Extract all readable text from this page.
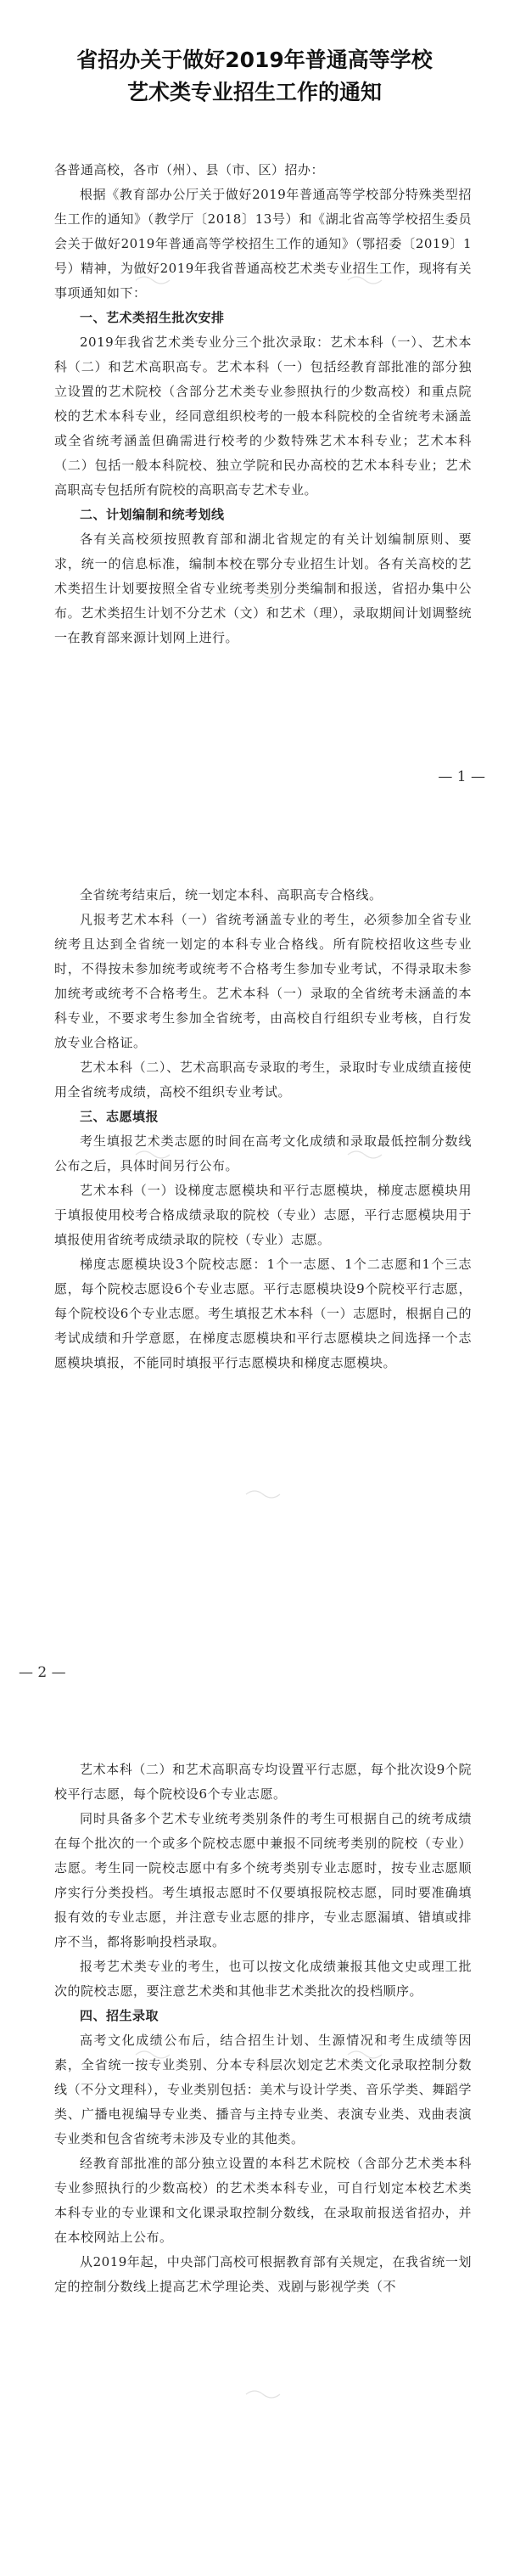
省招办关于做好2019年普通高等学校
艺术类专业招生工作的通知

各普通高校，各市（州）、县（市、区）招办：

根据《教育部办公厅关于做好2019年普通高等学校部分特殊类型招生工作的通知》（教学厅〔2018〕13号）和《湖北省高等学校招生委员会关于做好2019年普通高等学校招生工作的通知》（鄂招委〔2019〕1号）精神，为做好2019年我省普通高校艺术类专业招生工作，现将有关事项通知如下：

一、艺术类招生批次安排

2019年我省艺术类专业分三个批次录取：艺术本科（一）、艺术本科（二）和艺术高职高专。艺术本科（一）包括经教育部批准的部分独立设置的艺术院校（含部分艺术类专业参照执行的少数高校）和重点院校的艺术本科专业，经同意组织校考的一般本科院校的全省统考未涵盖或全省统考涵盖但确需进行校考的少数特殊艺术本科专业；艺术本科（二）包括一般本科院校、独立学院和民办高校的艺术本科专业；艺术高职高专包括所有院校的高职高专艺术专业。

二、计划编制和统考划线

各有关高校须按照教育部和湖北省规定的有关计划编制原则、要求，统一的信息标准，编制本校在鄂分专业招生计划。各有关高校的艺术类招生计划要按照全省专业统考类别分类编制和报送，省招办集中公布。艺术类招生计划不分艺术（文）和艺术（理），录取期间计划调整统一在教育部来源计划网上进行。

— 1 —

全省统考结束后，统一划定本科、高职高专合格线。

凡报考艺术本科（一）省统考涵盖专业的考生，必须参加全省专业统考且达到全省统一划定的本科专业合格线。所有院校招收这些专业时，不得按未参加统考或统考不合格考生参加专业考试，不得录取未参加统考或统考不合格考生。艺术本科（一）录取的全省统考未涵盖的本科专业，不要求考生参加全省统考，由高校自行组织专业考核，自行发放专业合格证。

艺术本科（二）、艺术高职高专录取的考生，录取时专业成绩直接使用全省统考成绩，高校不组织专业考试。

三、志愿填报

考生填报艺术类志愿的时间在高考文化成绩和录取最低控制分数线公布之后，具体时间另行公布。

艺术本科（一）设梯度志愿模块和平行志愿模块，梯度志愿模块用于填报使用校考合格成绩录取的院校（专业）志愿，平行志愿模块用于填报使用省统考成绩录取的院校（专业）志愿。

梯度志愿模块设3个院校志愿：1个一志愿、1个二志愿和1个三志愿，每个院校志愿设6个专业志愿。平行志愿模块设9个院校平行志愿，每个院校设6个专业志愿。考生填报艺术本科（一）志愿时，根据自己的考试成绩和升学意愿，在梯度志愿模块和平行志愿模块之间选择一个志愿模块填报，不能同时填报平行志愿模块和梯度志愿模块。

— 2 —

艺术本科（二）和艺术高职高专均设置平行志愿，每个批次设9个院校平行志愿，每个院校设6个专业志愿。

同时具备多个艺术专业统考类别条件的考生可根据自己的统考成绩在每个批次的一个或多个院校志愿中兼报不同统考类别的院校（专业）志愿。考生同一院校志愿中有多个统考类别专业志愿时，按专业志愿顺序实行分类投档。考生填报志愿时不仅要填报院校志愿，同时要准确填报有效的专业志愿，并注意专业志愿的排序，专业志愿漏填、错填或排序不当，都将影响投档录取。

报考艺术类专业的考生，也可以按文化成绩兼报其他文史或理工批次的院校志愿，要注意艺术类和其他非艺术类批次的投档顺序。

四、招生录取

高考文化成绩公布后，结合招生计划、生源情况和考生成绩等因素，全省统一按专业类别、分本专科层次划定艺术类文化录取控制分数线（不分文理科），专业类别包括：美术与设计学类、音乐学类、舞蹈学类、广播电视编导专业类、播音与主持专业类、表演专业类、戏曲表演专业类和包含省统考未涉及专业的其他类。

经教育部批准的部分独立设置的本科艺术院校（含部分艺术类本科专业参照执行的少数高校）的艺术类本科专业，可自行划定本校艺术类本科专业的专业课和文化课录取控制分数线，在录取前报送省招办，并在本校网站上公布。

从2019年起，中央部门高校可根据教育部有关规定，在我省统一划定的控制分数线上提高艺术学理论类、戏剧与影视学类（不
